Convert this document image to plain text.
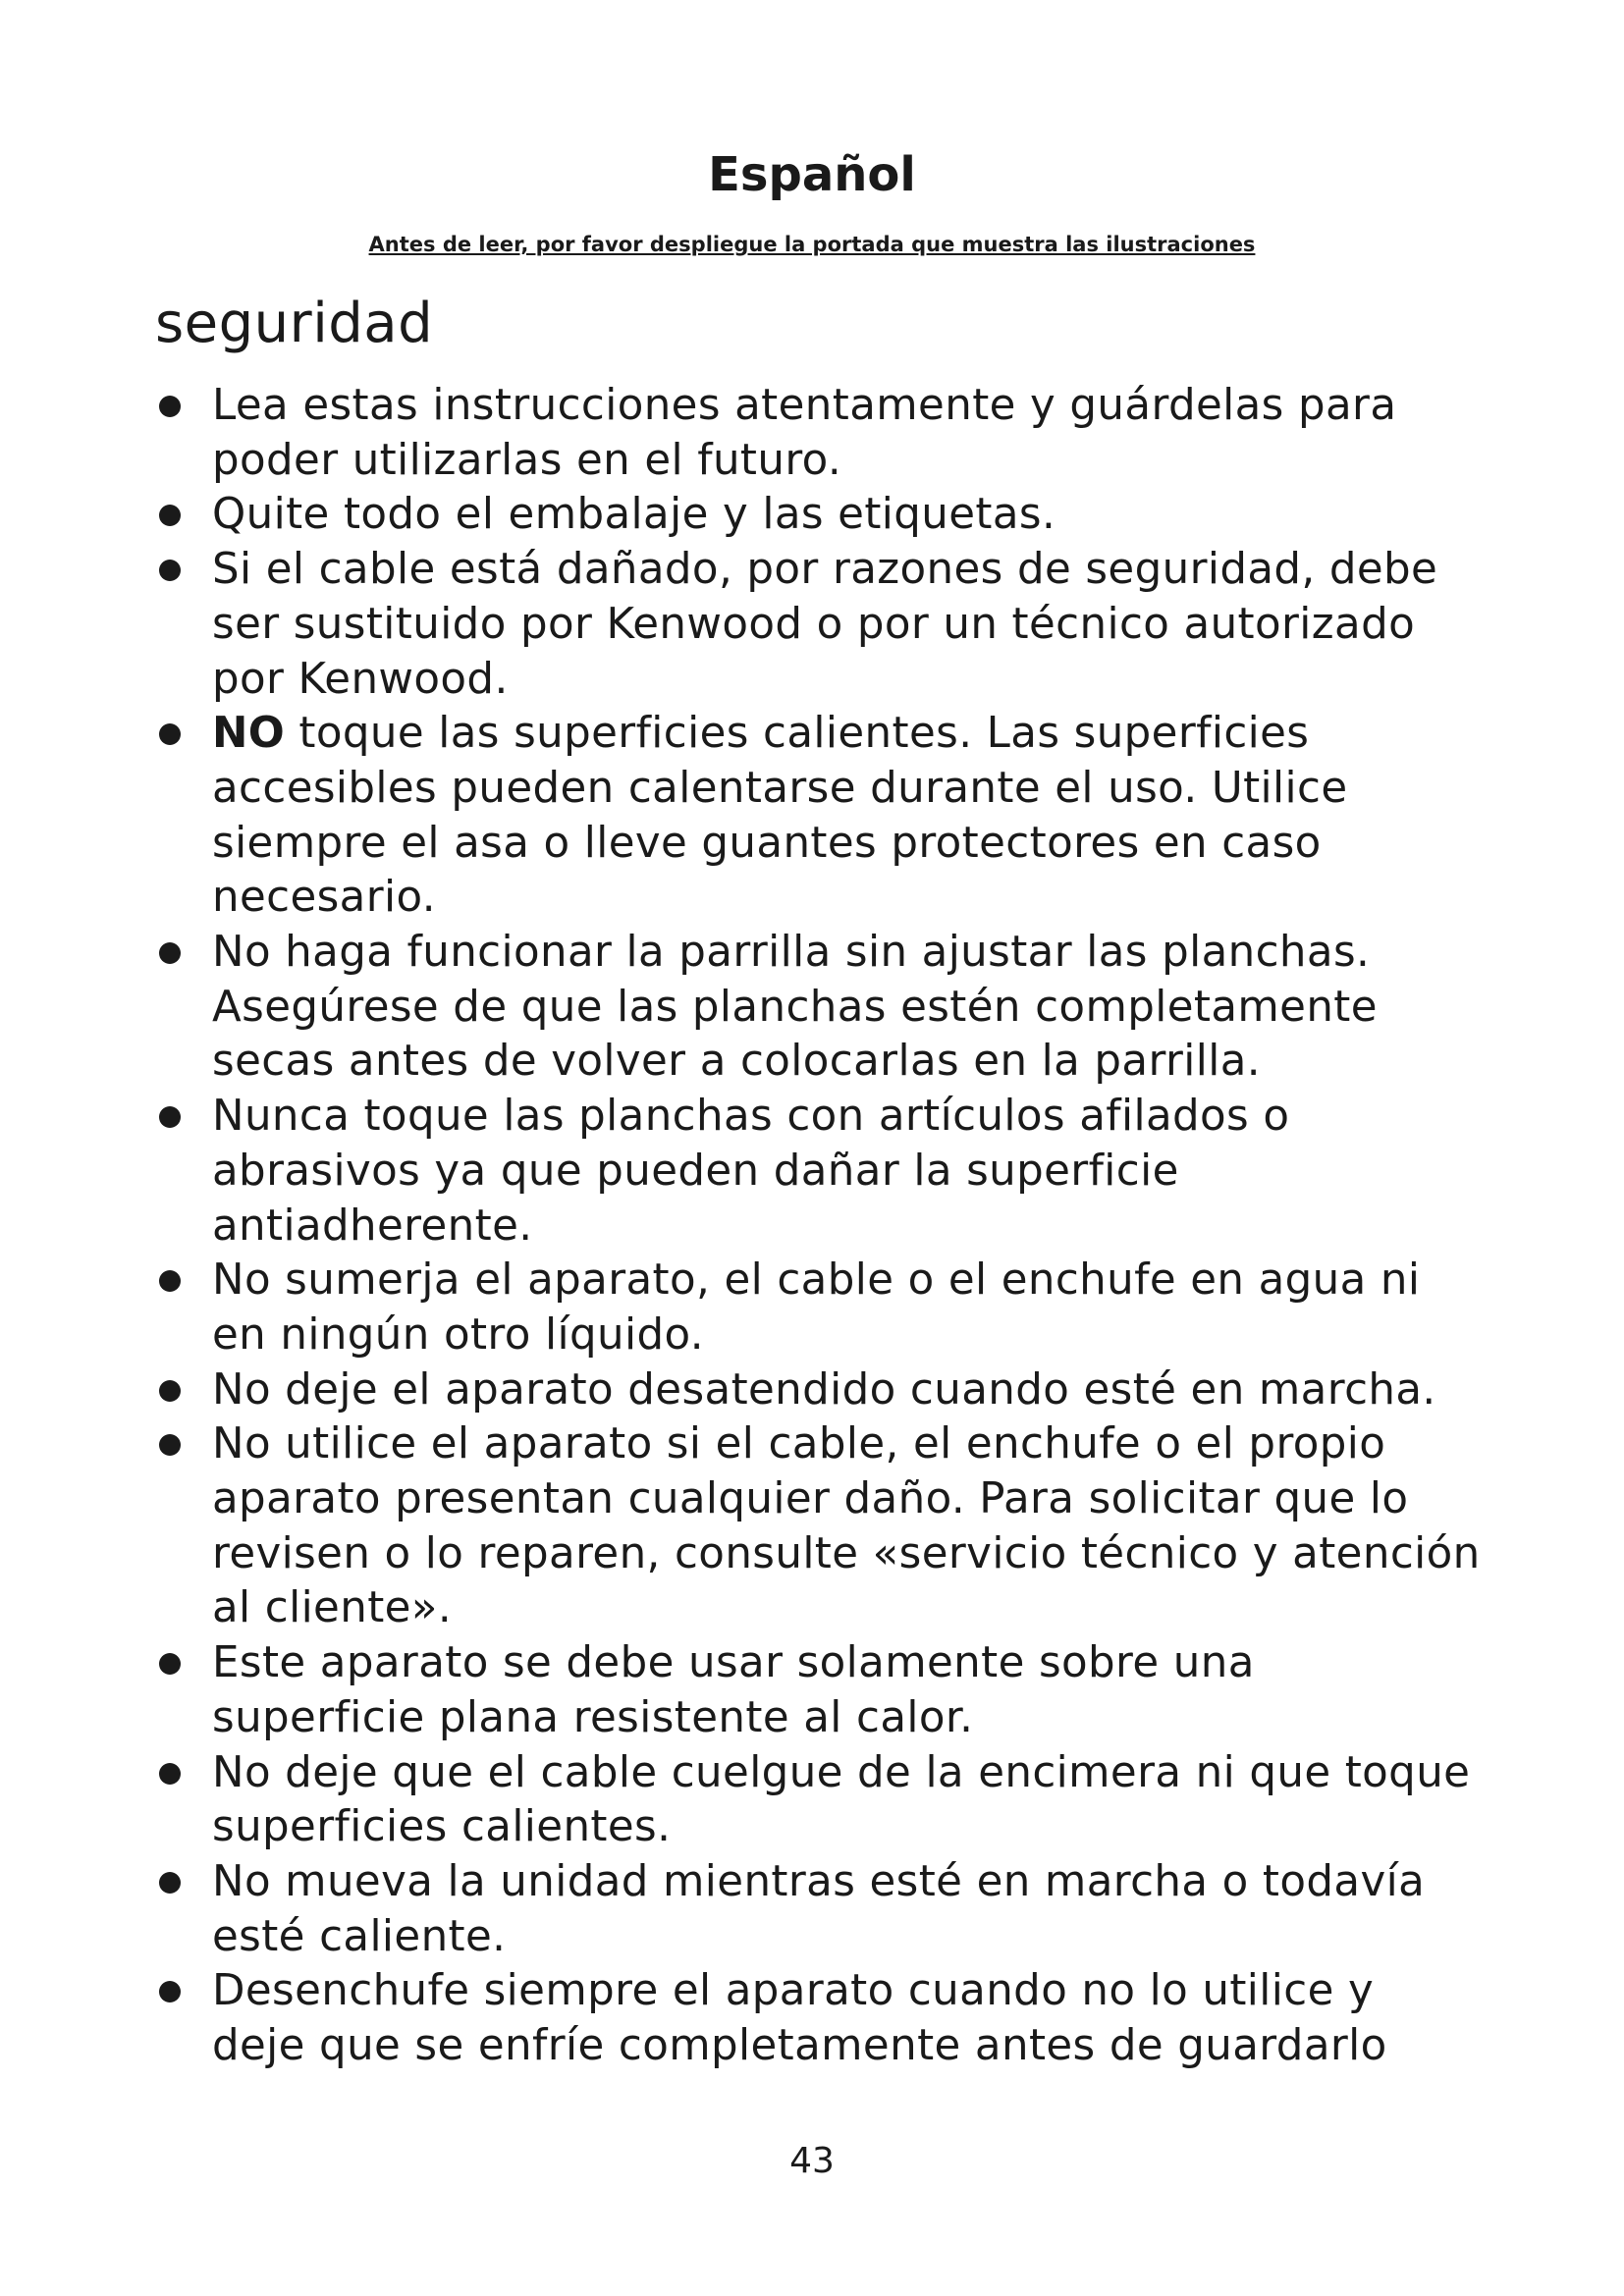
Español

Antes de leer, por favor despliegue la portada que muestra las ilustraciones

seguridad
Lea estas instrucciones atentamente y guárdelas para poder utilizarlas en el futuro.
Quite todo el embalaje y las etiquetas.
Si el cable está dañado, por razones de seguridad, debe ser sustituido por Kenwood o por un técnico autorizado por Kenwood.
NO toque las superficies calientes. Las superficies accesibles pueden calentarse durante el uso. Utilice siempre el asa o lleve guantes protectores en caso necesario.
No haga funcionar la parrilla sin ajustar las planchas. Asegúrese de que las planchas estén completamente secas antes de volver a colocarlas en la parrilla.
Nunca toque las planchas con artículos afilados o abrasivos ya que pueden dañar la superficie antiadherente.
No sumerja el aparato, el cable o el enchufe en agua ni en ningún otro líquido.
No deje el aparato desatendido cuando esté en marcha.
No utilice el aparato si el cable, el enchufe o el propio aparato presentan cualquier daño. Para solicitar que lo revisen o lo reparen, consulte «servicio técnico y atención al cliente».
Este aparato se debe usar solamente sobre una superficie plana resistente al calor.
No deje que el cable cuelgue de la encimera ni que toque superficies calientes.
No mueva la unidad mientras esté en marcha o todavía esté caliente.
Desenchufe siempre el aparato cuando no lo utilice y deje que se enfríe completamente antes de guardarlo

43
